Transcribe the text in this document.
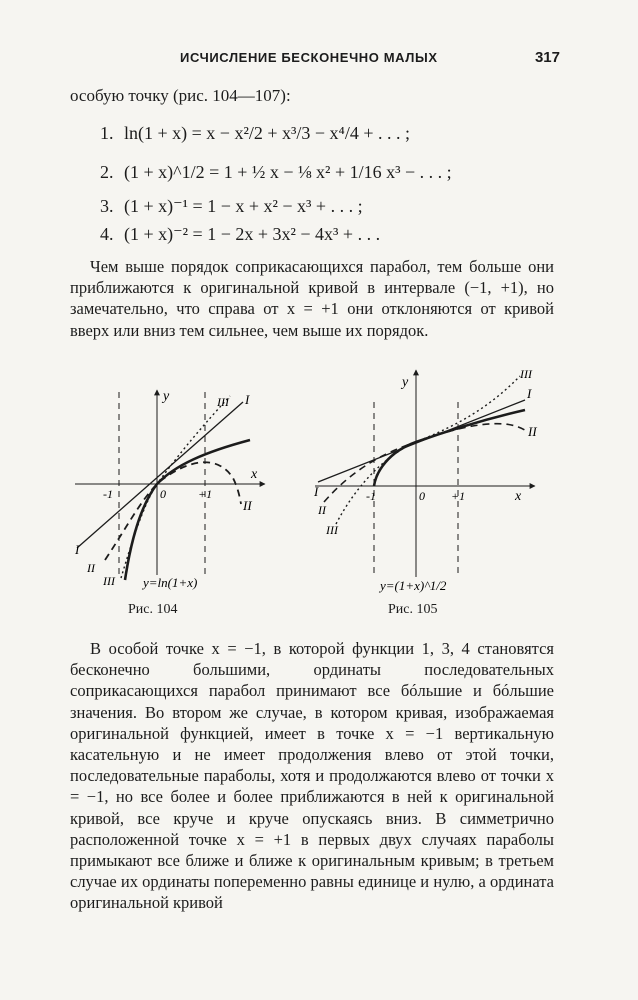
ИСЧИСЛЕНИЕ БЕСКОНЕЧНО МАЛЫХ	317
особую точку (рис. 104—107):
1. ln(1 + x) = x − x²/2 + x³/3 − x⁴/4 + . . . ;
2. (1 + x)^1/2 = 1 + ½ x − ⅛ x² + 1/16 x³ − . . . ;
3. (1 + x)⁻¹ = 1 − x + x² − x³ + . . . ;
4. (1 + x)⁻² = 1 − 2x + 3x² − 4x³ + . . .
Чем выше порядок соприкасающихся парабол, тем больше они приближаются к оригинальной кривой в интервале (−1, +1), но замечательно, что справа от x = +1 они отклоняются от кривой вверх или вниз тем сильнее, чем выше их порядок.
y
x
-1	0	+1
I
III
II
I
II
III y=ln(1+x)
Рис. 104
y
x
-1	0 +1
III
I
II
I
II
III
y=(1+x)^1/2
Рис. 105
В особой точке x = −1, в которой функции 1, 3, 4 становятся бесконечно большими, ординаты последовательных соприкасающихся парабол принимают все бóльшие и бóльшие значения. Во втором же случае, в котором кривая, изображаемая оригинальной функцией, имеет в точке x = −1 вертикальную касательную и не имеет продолжения влево от этой точки, последовательные параболы, хотя и продолжаются влево от точки x = −1, но все более и более приближаются в ней к оригинальной кривой, все круче и круче опускаясь вниз. В симметрично расположенной точке x = +1 в первых двух случаях параболы примыкают все ближе и ближе к оригинальным кривым; в третьем случае их ординаты попеременно равны единице и нулю, а ордината оригинальной кривой
